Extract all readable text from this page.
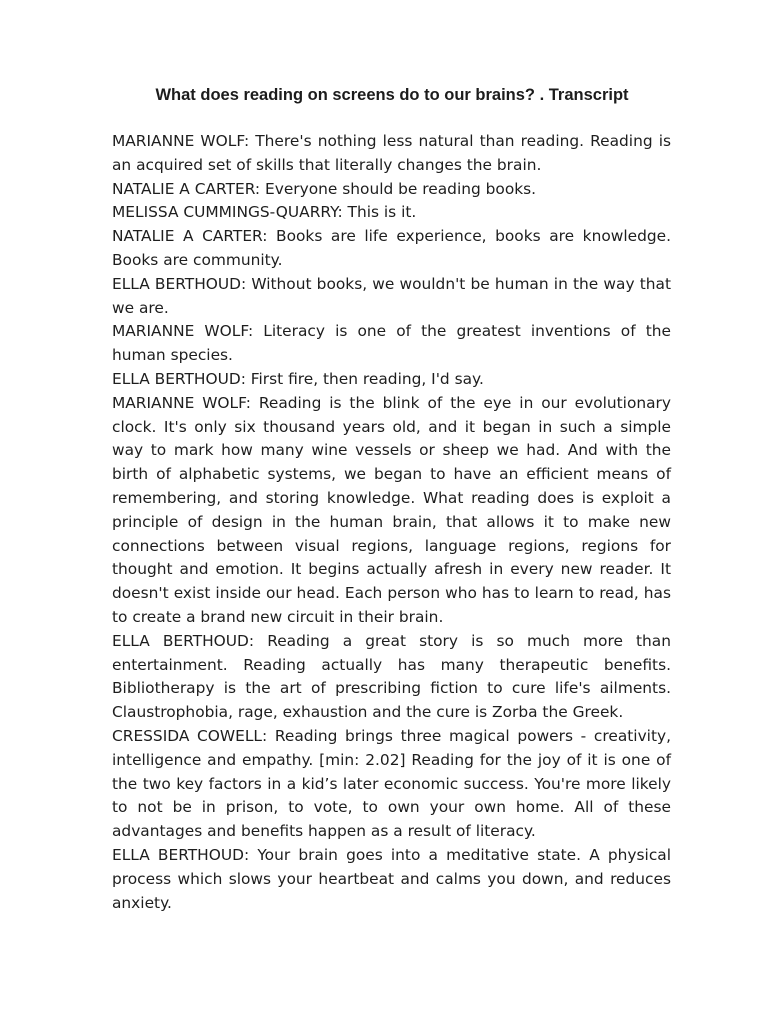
What does reading on screens do to our brains? . Transcript

MARIANNE WOLF: There's nothing less natural than reading. Reading is an acquired set of skills that literally changes the brain.

NATALIE A CARTER: Everyone should be reading books.

MELISSA CUMMINGS-QUARRY: This is it.

NATALIE A CARTER: Books are life experience, books are knowledge. Books are community.

ELLA BERTHOUD: Without books, we wouldn't be human in the way that we are.

MARIANNE WOLF: Literacy is one of the greatest inventions of the human species.

ELLA BERTHOUD: First fire, then reading, I'd say.

MARIANNE WOLF: Reading is the blink of the eye in our evolutionary clock. It's only six thousand years old, and it began in such a simple way to mark how many wine vessels or sheep we had. And with the birth of alphabetic systems, we began to have an efficient means of remembering, and storing knowledge. What reading does is exploit a principle of design in the human brain, that allows it to make new connections between visual regions, language regions, regions for thought and emotion. It begins actually afresh in every new reader. It doesn't exist inside our head. Each person who has to learn to read, has to create a brand new circuit in their brain.

ELLA BERTHOUD: Reading a great story is so much more than entertainment. Reading actually has many therapeutic benefits. Bibliotherapy is the art of prescribing fiction to cure life's ailments. Claustrophobia, rage, exhaustion and the cure is Zorba the Greek.

CRESSIDA COWELL: Reading brings three magical powers - creativity, intelligence and empathy. [min: 2.02] Reading for the joy of it is one of the two key factors in a kid’s later economic success. You're more likely to not be in prison, to vote, to own your own home. All of these advantages and benefits happen as a result of literacy.

ELLA BERTHOUD: Your brain goes into a meditative state. A physical process which slows your heartbeat and calms you down, and reduces anxiety.
